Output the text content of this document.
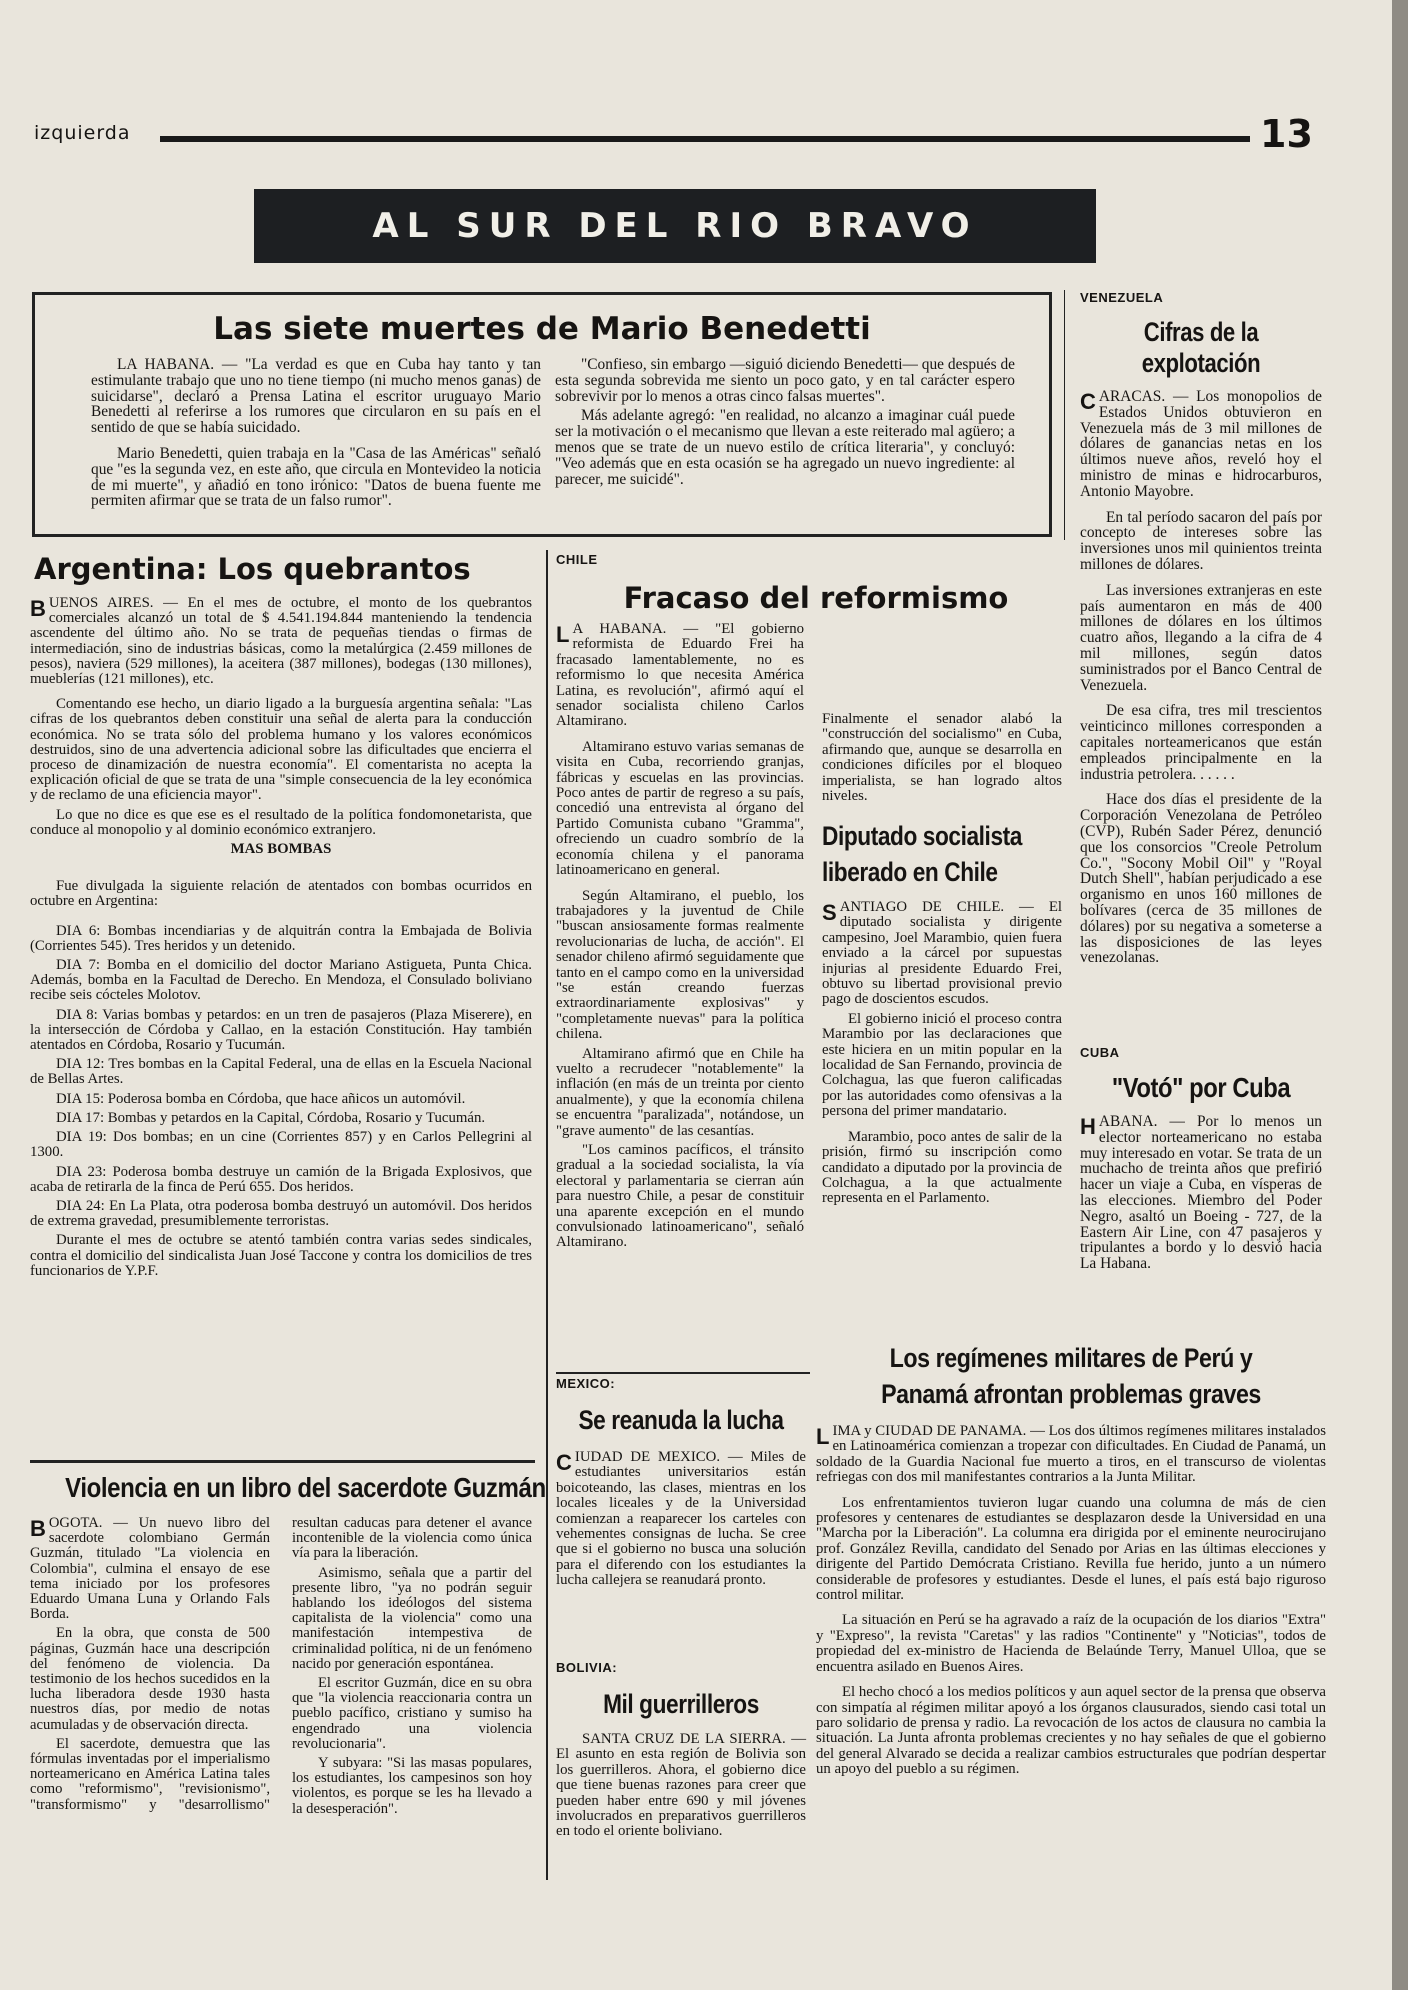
izquierda	13
AL SUR DEL RIO BRAVO
Las siete muertes de Mario Benedetti

LA HABANA. — "La verdad es que en Cuba hay tanto y tan estimulante trabajo que uno no tiene tiempo (ni mucho menos ganas) de suicidarse", declaró a Prensa Latina el escritor uruguayo Mario Benedetti al referirse a los rumores que circularon en su país en el sentido de que se había suicidado.

Mario Benedetti, quien trabaja en la "Casa de las Américas" señaló que "es la segunda vez, en este año, que circula en Montevideo la noticia de mi muerte", y añadió en tono irónico: "Datos de buena fuente me permiten afirmar que se trata de un falso rumor".

"Confieso, sin embargo —siguió diciendo Benedetti— que después de esta segunda sobrevida me siento un poco gato, y en tal carácter espero sobrevivir por lo menos a otras cinco falsas muertes".

Más adelante agregó: "en realidad, no alcanzo a imaginar cuál puede ser la motivación o el mecanismo que llevan a este reiterado mal agüero; a menos que se trate de un nuevo estilo de crítica literaria", y concluyó: "Veo además que en esta ocasión se ha agregado un nuevo ingrediente: al parecer, me suicidé".

VENEZUELA

Cifras de la explotación

C ARACAS. — Los monopolios de Estados Unidos obtuvieron en Venezuela más de 3 mil millones de dólares de ganancias netas en los últimos nueve años, reveló hoy el ministro de minas e hidrocarburos, Antonio Mayobre.

En tal período sacaron del país por concepto de intereses sobre las inversiones unos mil quinientos treinta millones de dólares.

Las inversiones extranjeras en este país aumentaron en más de 400 millones de dólares en los últimos cuatro años, llegando a la cifra de 4 mil millones, según datos suministrados por el Banco Central de Venezuela.

De esa cifra, tres mil trescientos veinticinco millones corresponden a capitales norteamericanos que están empleados principalmente en la industria petrolera. . . . . .

Hace dos días el presidente de la Corporación Venezolana de Petróleo (CVP), Rubén Sader Pérez, denunció que los consorcios "Creole Petrolum Co.", "Socony Mobil Oil" y "Royal Dutch Shell", habían perjudicado a ese organismo en unos 160 millones de bolívares (cerca de 35 millones de dólares) por su negativa a someterse a las disposiciones de las leyes venezolanas.

CUBA

"Votó" por Cuba

H ABANA. — Por lo menos un elector norteamericano no estaba muy interesado en votar. Se trata de un muchacho de treinta años que prefirió hacer un viaje a Cuba, en vísperas de las elecciones. Miembro del Poder Negro, asaltó un Boeing - 727, de la Eastern Air Line, con 47 pasajeros y tripulantes a bordo y lo desvió hacia La Habana.

Argentina: Los quebrantos

B UENOS AIRES. — En el mes de octubre, el monto de los quebrantos comerciales alcanzó un total de $ 4.541.194.844 manteniendo la tendencia ascendente del último año. No se trata de pequeñas tiendas o firmas de intermediación, sino de industrias básicas, como la metalúrgica (2.459 millones de pesos), naviera (529 millones), la aceitera (387 millones), bodegas (130 millones), mueblerías (121 millones), etc.

Comentando ese hecho, un diario ligado a la burguesía argentina señala: "Las cifras de los quebrantos deben constituir una señal de alerta para la conducción económica. No se trata sólo del problema humano y los valores económicos destruidos, sino de una advertencia adicional sobre las dificultades que encierra el proceso de dinamización de nuestra economía". El comentarista no acepta la explicación oficial de que se trata de una "simple consecuencia de la ley económica y de reclamo de una eficiencia mayor".

Lo que no dice es que ese es el resultado de la política fondomonetarista, que conduce al monopolio y al dominio económico extranjero.

MAS BOMBAS

Fue divulgada la siguiente relación de atentados con bombas ocurridos en octubre en Argentina:

DIA 6: Bombas incendiarias y de alquitrán contra la Embajada de Bolivia (Corrientes 545). Tres heridos y un detenido.

DIA 7: Bomba en el domicilio del doctor Mariano Astigueta, Punta Chica. Además, bomba en la Facultad de Derecho. En Mendoza, el Consulado boliviano recibe seis cócteles Molotov.

DIA 8: Varias bombas y petardos: en un tren de pasajeros (Plaza Miserere), en la intersección de Córdoba y Callao, en la estación Constitución. Hay también atentados en Córdoba, Rosario y Tucumán.

DIA 12: Tres bombas en la Capital Federal, una de ellas en la Escuela Nacional de Bellas Artes.

DIA 15: Poderosa bomba en Córdoba, que hace añicos un automóvil.

DIA 17: Bombas y petardos en la Capital, Córdoba, Rosario y Tucumán.

DIA 19: Dos bombas; en un cine (Corrientes 857) y en Carlos Pellegrini al 1300.

DIA 23: Poderosa bomba destruye un camión de la Brigada Explosivos, que acaba de retirarla de la finca de Perú 655. Dos heridos.

DIA 24: En La Plata, otra poderosa bomba destruyó un automóvil. Dos heridos de extrema gravedad, presumiblemente terroristas.

Durante el mes de octubre se atentó también contra varias sedes sindicales, contra el domicilio del sindicalista Juan José Taccone y contra los domicilios de tres funcionarios de Y.P.F.

Violencia en un libro del sacerdote Guzmán

BOGOTA. — Un nuevo libro del sacerdote colombiano Germán Guzmán, titulado "La violencia en Colombia", culmina el ensayo de ese tema iniciado por los profesores Eduardo Umana Luna y Orlando Fals Borda.

En la obra, que consta de 500 páginas, Guzmán hace una descripción del fenómeno de violencia. Da testimonio de los hechos sucedidos en la lucha liberadora desde 1930 hasta nuestros días, por medio de notas acumuladas y de observación directa.

El sacerdote, demuestra que las fórmulas inventadas por el imperialismo norteamericano en América Latina tales como "reformismo", "revisionismo", "transformismo" y "desarrollismo" resultan caducas para detener el avance incontenible de la violencia como única vía para la liberación.

Asimismo, señala que a partir del presente libro, "ya no podrán seguir hablando los ideólogos del sistema capitalista de la violencia" como una manifestación intempestiva de criminalidad política, ni de un fenómeno nacido por generación espontánea.

El escritor Guzmán, dice en su obra que "la violencia reaccionaria contra un pueblo pacífico, cristiano y sumiso ha engendrado una violencia revolucionaria".

Y subyara: "Si las masas populares, los estudiantes, los campesinos son hoy violentos, es porque se les ha llevado a la desesperación".

CHILE

Fracaso del reformismo

L A HABANA. — "El gobierno reformista de Eduardo Frei ha fracasado lamentablemente, no es reformismo lo que necesita América Latina, es revolución", afirmó aquí el senador socialista chileno Carlos Altamirano.

Altamirano estuvo varias semanas de visita en Cuba, recorriendo granjas, fábricas y escuelas en las provincias. Poco antes de partir de regreso a su país, concedió una entrevista al órgano del Partido Comunista cubano "Gramma", ofreciendo un cuadro sombrío de la economía chilena y el panorama latinoamericano en general.

Según Altamirano, el pueblo, los trabajadores y la juventud de Chile "buscan ansiosamente formas realmente revolucionarias de lucha, de acción". El senador chileno afirmó seguidamente que tanto en el campo como en la universidad "se están creando fuerzas extraordinariamente explosivas" y "completamente nuevas" para la política chilena.

Altamirano afirmó que en Chile ha vuelto a recrudecer "notablemente" la inflación (en más de un treinta por ciento anualmente), y que la economía chilena se encuentra "paralizada", notándose, un "grave aumento" de las cesantías.

"Los caminos pacíficos, el tránsito gradual a la sociedad socialista, la vía electoral y parlamentaria se cierran aún para nuestro Chile, a pesar de constituir una aparente excepción en el mundo convulsionado latinoamericano", señaló Altamirano.

Finalmente el senador alabó la "construcción del socialismo" en Cuba, afirmando que, aunque se desarrolla en condiciones difíciles por el bloqueo imperialista, se han logrado altos niveles.

Diputado socialista liberado en Chile

S ANTIAGO DE CHILE. — El diputado socialista y dirigente campesino, Joel Marambio, quien fuera enviado a la cárcel por supuestas injurias al presidente Eduardo Frei, obtuvo su libertad provisional previo pago de doscientos escudos.

El gobierno inició el proceso contra Marambio por las declaraciones que este hiciera en un mitin popular en la localidad de San Fernando, provincia de Colchagua, las que fueron calificadas por las autoridades como ofensivas a la persona del primer mandatario.

Marambio, poco antes de salir de la prisión, firmó su inscripción como candidato a diputado por la provincia de Colchagua, a la que actualmente representa en el Parlamento.

MEXICO:

Se reanuda la lucha

C IUDAD DE MEXICO. — Miles de estudiantes universitarios están boicoteando, las clases, mientras en los locales liceales y de la Universidad comienzan a reaparecer los carteles con vehementes consignas de lucha. Se cree que si el gobierno no busca una solución para el diferendo con los estudiantes la lucha callejera se reanudará pronto.

BOLIVIA:

Mil guerrilleros

SANTA CRUZ DE LA SIERRA. — El asunto en esta región de Bolivia son los guerrilleros. Ahora, el gobierno dice que tiene buenas razones para creer que pueden haber entre 690 y mil jóvenes involucrados en preparativos guerrilleros en todo el oriente boliviano.

Los regímenes militares de Perú y Panamá afrontan problemas graves

L IMA y CIUDAD DE PANAMA. — Los dos últimos regímenes militares instalados en Latinoamérica comienzan a tropezar con dificultades. En Ciudad de Panamá, un soldado de la Guardia Nacional fue muerto a tiros, en el transcurso de violentas refriegas con dos mil manifestantes contrarios a la Junta Militar.

Los enfrentamientos tuvieron lugar cuando una columna de más de cien profesores y centenares de estudiantes se desplazaron desde la Universidad en una "Marcha por la Liberación". La columna era dirigida por el eminente neurocirujano prof. González Revilla, candidato del Senado por Arias en las últimas elecciones y dirigente del Partido Demócrata Cristiano. Revilla fue herido, junto a un número considerable de profesores y estudiantes. Desde el lunes, el país está bajo riguroso control militar.

La situación en Perú se ha agravado a raíz de la ocupación de los diarios "Extra" y "Expreso", la revista "Caretas" y las radios "Continente" y "Noticias", todos de propiedad del ex-ministro de Hacienda de Belaúnde Terry, Manuel Ulloa, que se encuentra asilado en Buenos Aires.

El hecho chocó a los medios políticos y aun aquel sector de la prensa que observa con simpatía al régimen militar apoyó a los órganos clausurados, siendo casi total un paro solidario de prensa y radio. La revocación de los actos de clausura no cambia la situación. La Junta afronta problemas crecientes y no hay señales de que el gobierno del general Alvarado se decida a realizar cambios estructurales que podrían despertar un apoyo del pueblo a su régimen.
